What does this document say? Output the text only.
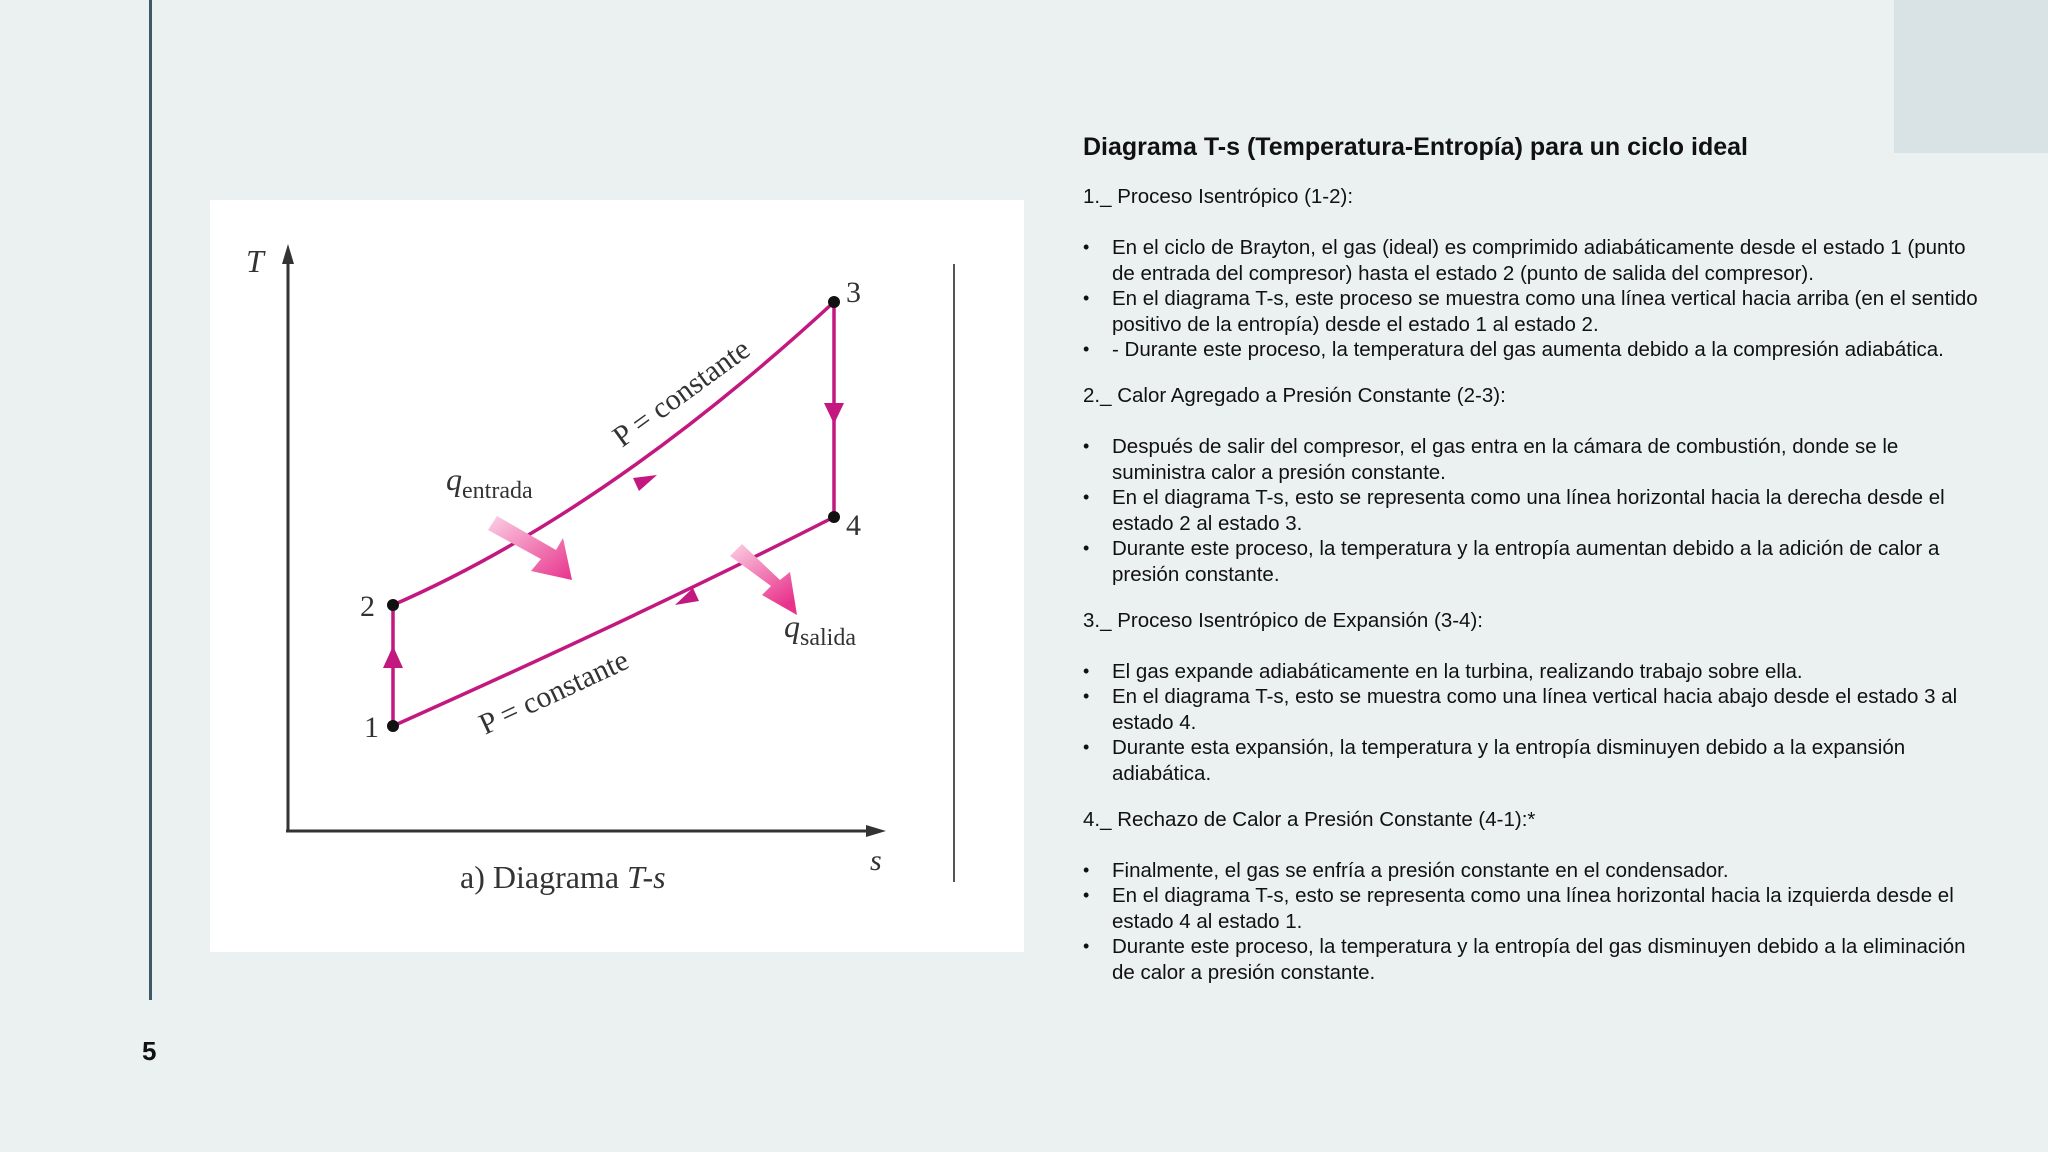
5
T
s
1
2
3
4
P = constante
P = constante
qentrada
qsalida
a) Diagrama T-s
Diagrama T-s (Temperatura-Entropía) para un ciclo ideal

1._ Proceso Isentrópico (1-2):

• En el ciclo de Brayton, el gas (ideal) es comprimido adiabáticamente desde el estado 1 (punto de entrada del compresor) hasta el estado 2 (punto de salida del compresor).
• En el diagrama T-s, este proceso se muestra como una línea vertical hacia arriba (en el sentido positivo de la entropía) desde el estado 1 al estado 2.
• - Durante este proceso, la temperatura del gas aumenta debido a la compresión adiabática.

2._ Calor Agregado a Presión Constante (2-3):

• Después de salir del compresor, el gas entra en la cámara de combustión, donde se le suministra calor a presión constante.
• En el diagrama T-s, esto se representa como una línea horizontal hacia la derecha desde el estado 2 al estado 3.
• Durante este proceso, la temperatura y la entropía aumentan debido a la adición de calor a presión constante.

3._ Proceso Isentrópico de Expansión (3-4):

• El gas expande adiabáticamente en la turbina, realizando trabajo sobre ella.
• En el diagrama T-s, esto se muestra como una línea vertical hacia abajo desde el estado 3 al estado 4.
• Durante esta expansión, la temperatura y la entropía disminuyen debido a la expansión adiabática.

4._ Rechazo de Calor a Presión Constante (4-1):*

• Finalmente, el gas se enfría a presión constante en el condensador.
• En el diagrama T-s, esto se representa como una línea horizontal hacia la izquierda desde el estado 4 al estado 1.
• Durante este proceso, la temperatura y la entropía del gas disminuyen debido a la eliminación de calor a presión constante.
